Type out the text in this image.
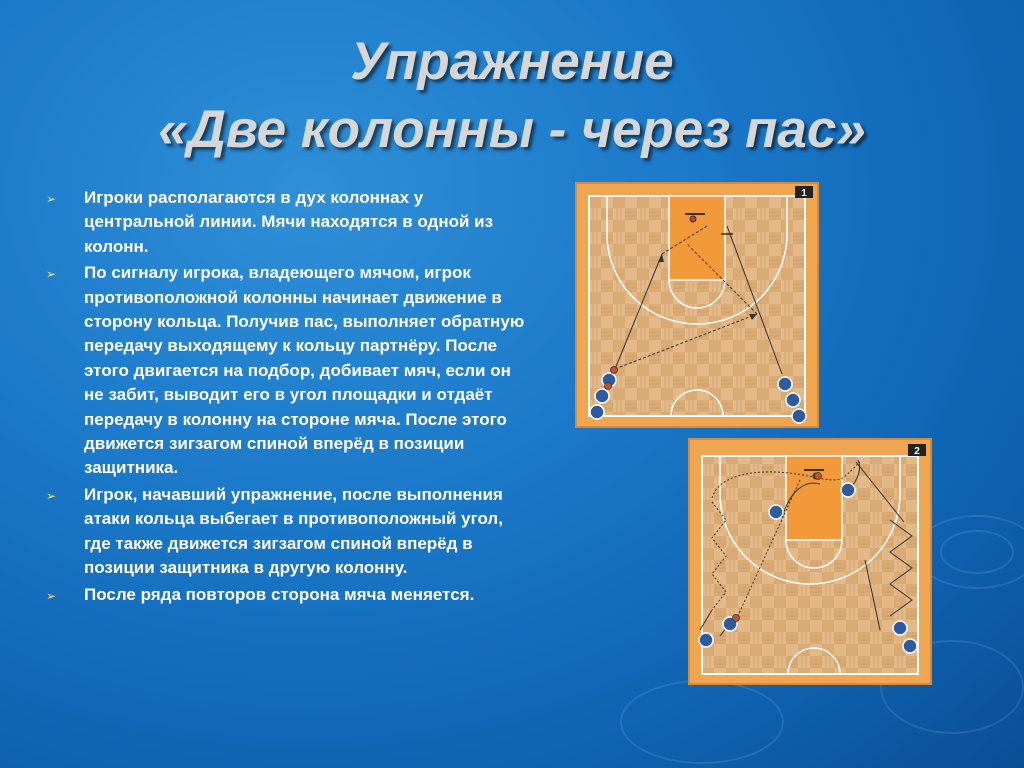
Упражнение
«Две колонны - через пас»
➢ Игроки располагаются в дух колоннах у центральной линии. Мячи находятся в одной из колонн.
➢ По сигналу игрока, владеющего мячом, игрок противоположной колонны начинает движение в сторону кольца. Получив пас, выполняет обратную передачу выходящему к кольцу партнёру. После этого двигается на подбор, добивает мяч, если он не забит, выводит его в угол площадки и отдаёт передачу в колонну на стороне мяча. После этого движется зигзагом спиной вперёд в позиции защитника.
➢ Игрок, начавший упражнение, после выполнения атаки кольца выбегает в противоположный угол, где также движется зигзагом спиной вперёд в позиции защитника в другую колонну.
➢ После ряда повторов сторона мяча меняется.
1
2
